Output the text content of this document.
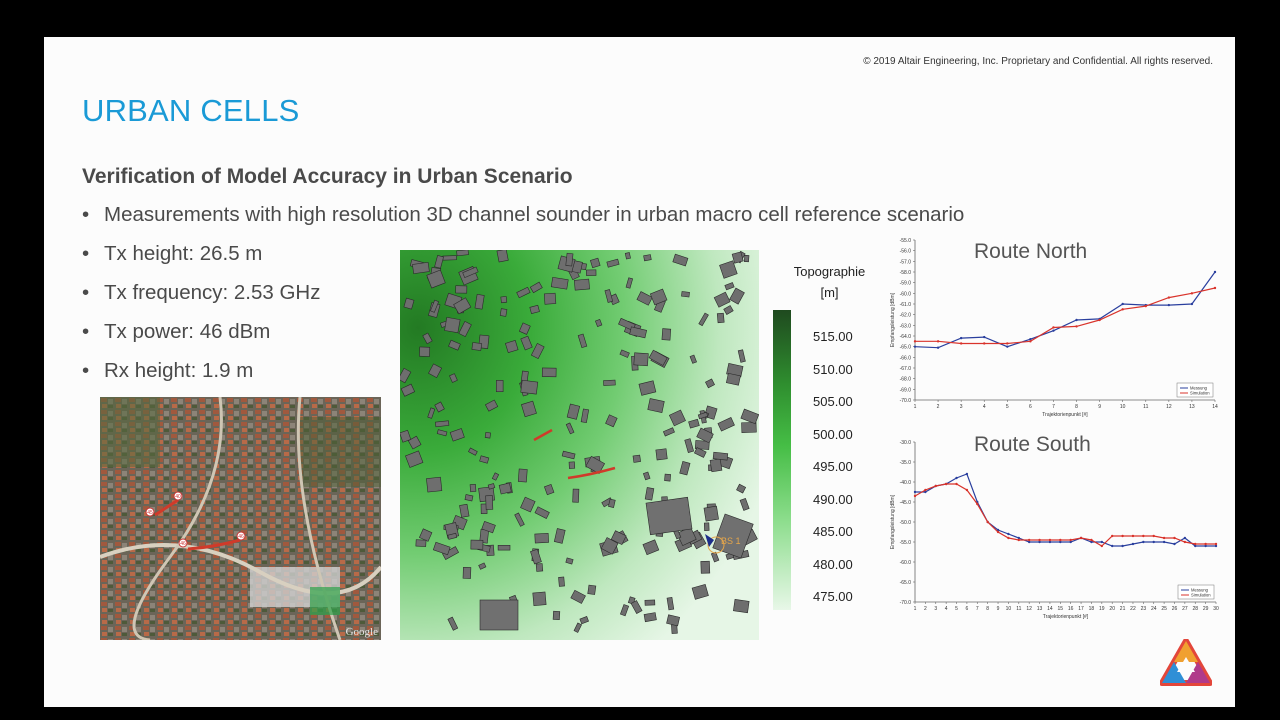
© 2019 Altair Engineering, Inc. Proprietary and Confidential. All rights reserved.
URBAN CELLS
Verification of Model Accuracy in Urban Scenario
• Measurements with high resolution 3D channel sounder in urban macro cell reference scenario
• Tx height: 26.5 m
• Tx frequency: 2.53 GHz
• Tx power: 46 dBm
• Rx height: 1.9 m
40
45
46
46
Google
BS 1
Topographie
[m]
515.00
510.00
505.00
500.00
495.00
490.00
485.00
480.00
475.00
Route North
-55.0
-56.0
-57.0
-58.0
-59.0
-60.0
-61.0
-62.0
-63.0
-64.0
-65.0
-66.0
-67.0
-68.0
-69.0
-70.0
1	2	3	4	5	6	7	8	9	10	11	12	13	14
Trajektorienpunkt [#]
Empfangsleistung [dBm]
Messung
Simulation
Route South
-30.0
-35.0
-40.0
-45.0
-50.0
-55.0
-60.0
-65.0
-70.0
1 2 3 4 5 6 7 8 9 10 11 12 13 14 15 16 17 18 19 20 21 22 23 24 25 26 27 28 29 30
Trajektorienpunkt [#]
Empfangsleistung [dBm]
Messung
Simulation
